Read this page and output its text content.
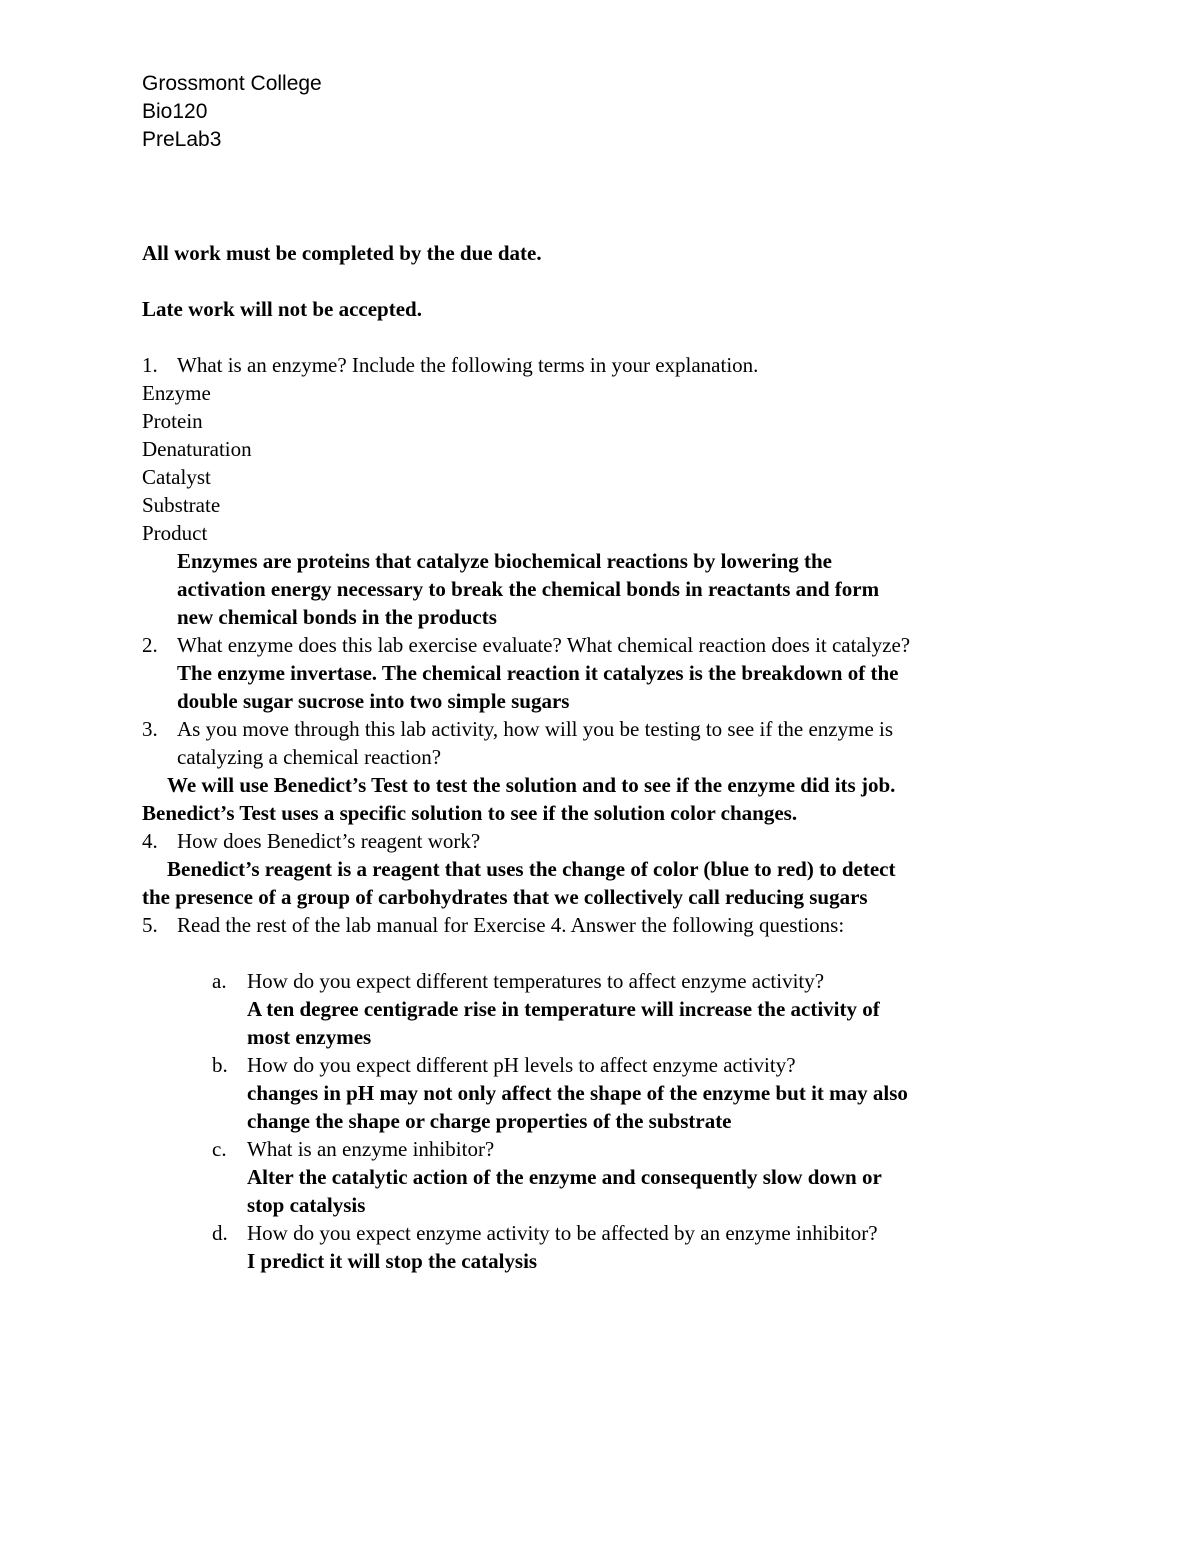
Grossmont College
Bio120
PreLab3
All work must be completed by the due date.
Late work will not be accepted.
1. What is an enzyme? Include the following terms in your explanation.
Enzyme
Protein
Denaturation
Catalyst
Substrate
Product
Enzymes are proteins that catalyze biochemical reactions by lowering the
activation energy necessary to break the chemical bonds in reactants and form
new chemical bonds in the products
2. What enzyme does this lab exercise evaluate? What chemical reaction does it catalyze?
The enzyme invertase. The chemical reaction it catalyzes is the breakdown of the
double sugar sucrose into two simple sugars
3. As you move through this lab activity, how will you be testing to see if the enzyme is
catalyzing a chemical reaction?
We will use Benedict’s Test to test the solution and to see if the enzyme did its job.
Benedict’s Test uses a specific solution to see if the solution color changes.
4. How does Benedict’s reagent work?
Benedict’s reagent is a reagent that uses the change of color (blue to red) to detect
the presence of a group of carbohydrates that we collectively call reducing sugars
5. Read the rest of the lab manual for Exercise 4. Answer the following questions:
a. How do you expect different temperatures to affect enzyme activity?
A ten degree centigrade rise in temperature will increase the activity of
most enzymes
b. How do you expect different pH levels to affect enzyme activity?
changes in pH may not only affect the shape of the enzyme but it may also
change the shape or charge properties of the substrate
c. What is an enzyme inhibitor?
Alter the catalytic action of the enzyme and consequently slow down or
stop catalysis
d. How do you expect enzyme activity to be affected by an enzyme inhibitor?
I predict it will stop the catalysis
